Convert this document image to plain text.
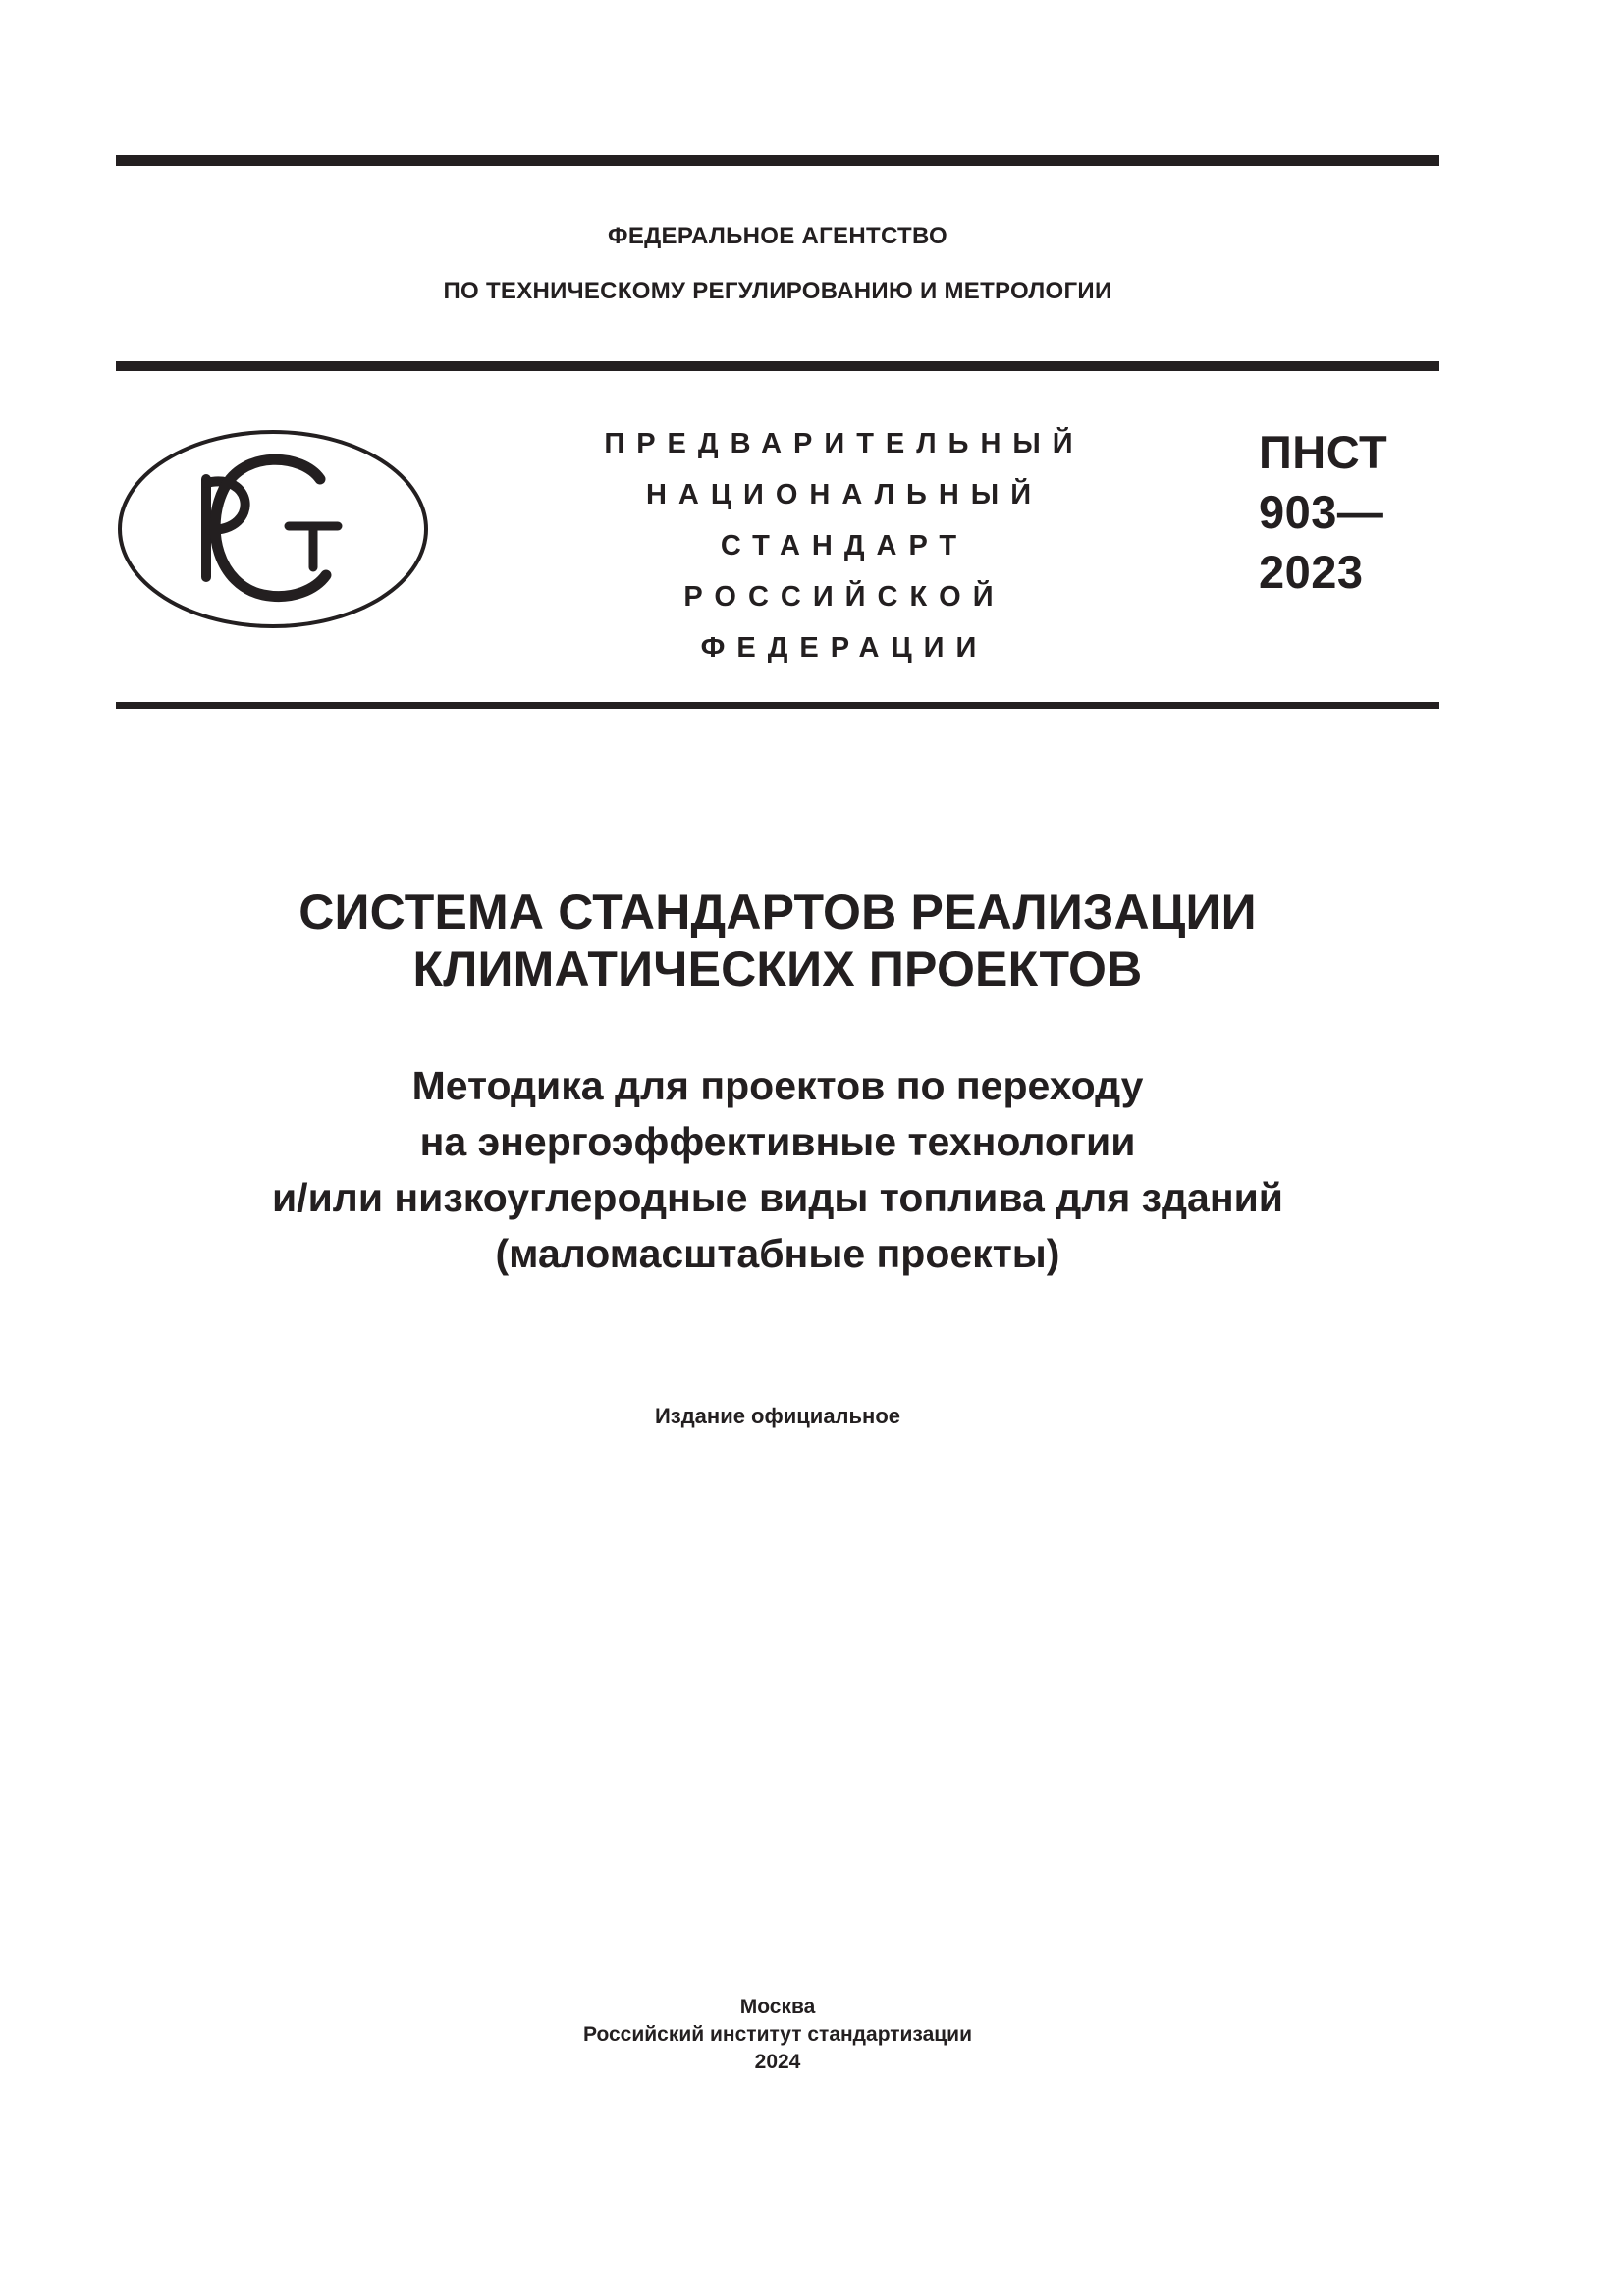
ФЕДЕРАЛЬНОЕ АГЕНТСТВО
ПО ТЕХНИЧЕСКОМУ РЕГУЛИРОВАНИЮ И МЕТРОЛОГИИ
ПРЕДВАРИТЕЛЬНЫЙ
НАЦИОНАЛЬНЫЙ
СТАНДАРТ
РОССИЙСКОЙ
ФЕДЕРАЦИИ
ПНСТ
903—
2023
СИСТЕМА СТАНДАРТОВ РЕАЛИЗАЦИИ
КЛИМАТИЧЕСКИХ ПРОЕКТОВ
Методика для проектов по переходу
на энергоэффективные технологии
и/или низкоуглеродные виды топлива для зданий
(маломасштабные проекты)
Издание официальное
Москва
Российский институт стандартизации
2024
